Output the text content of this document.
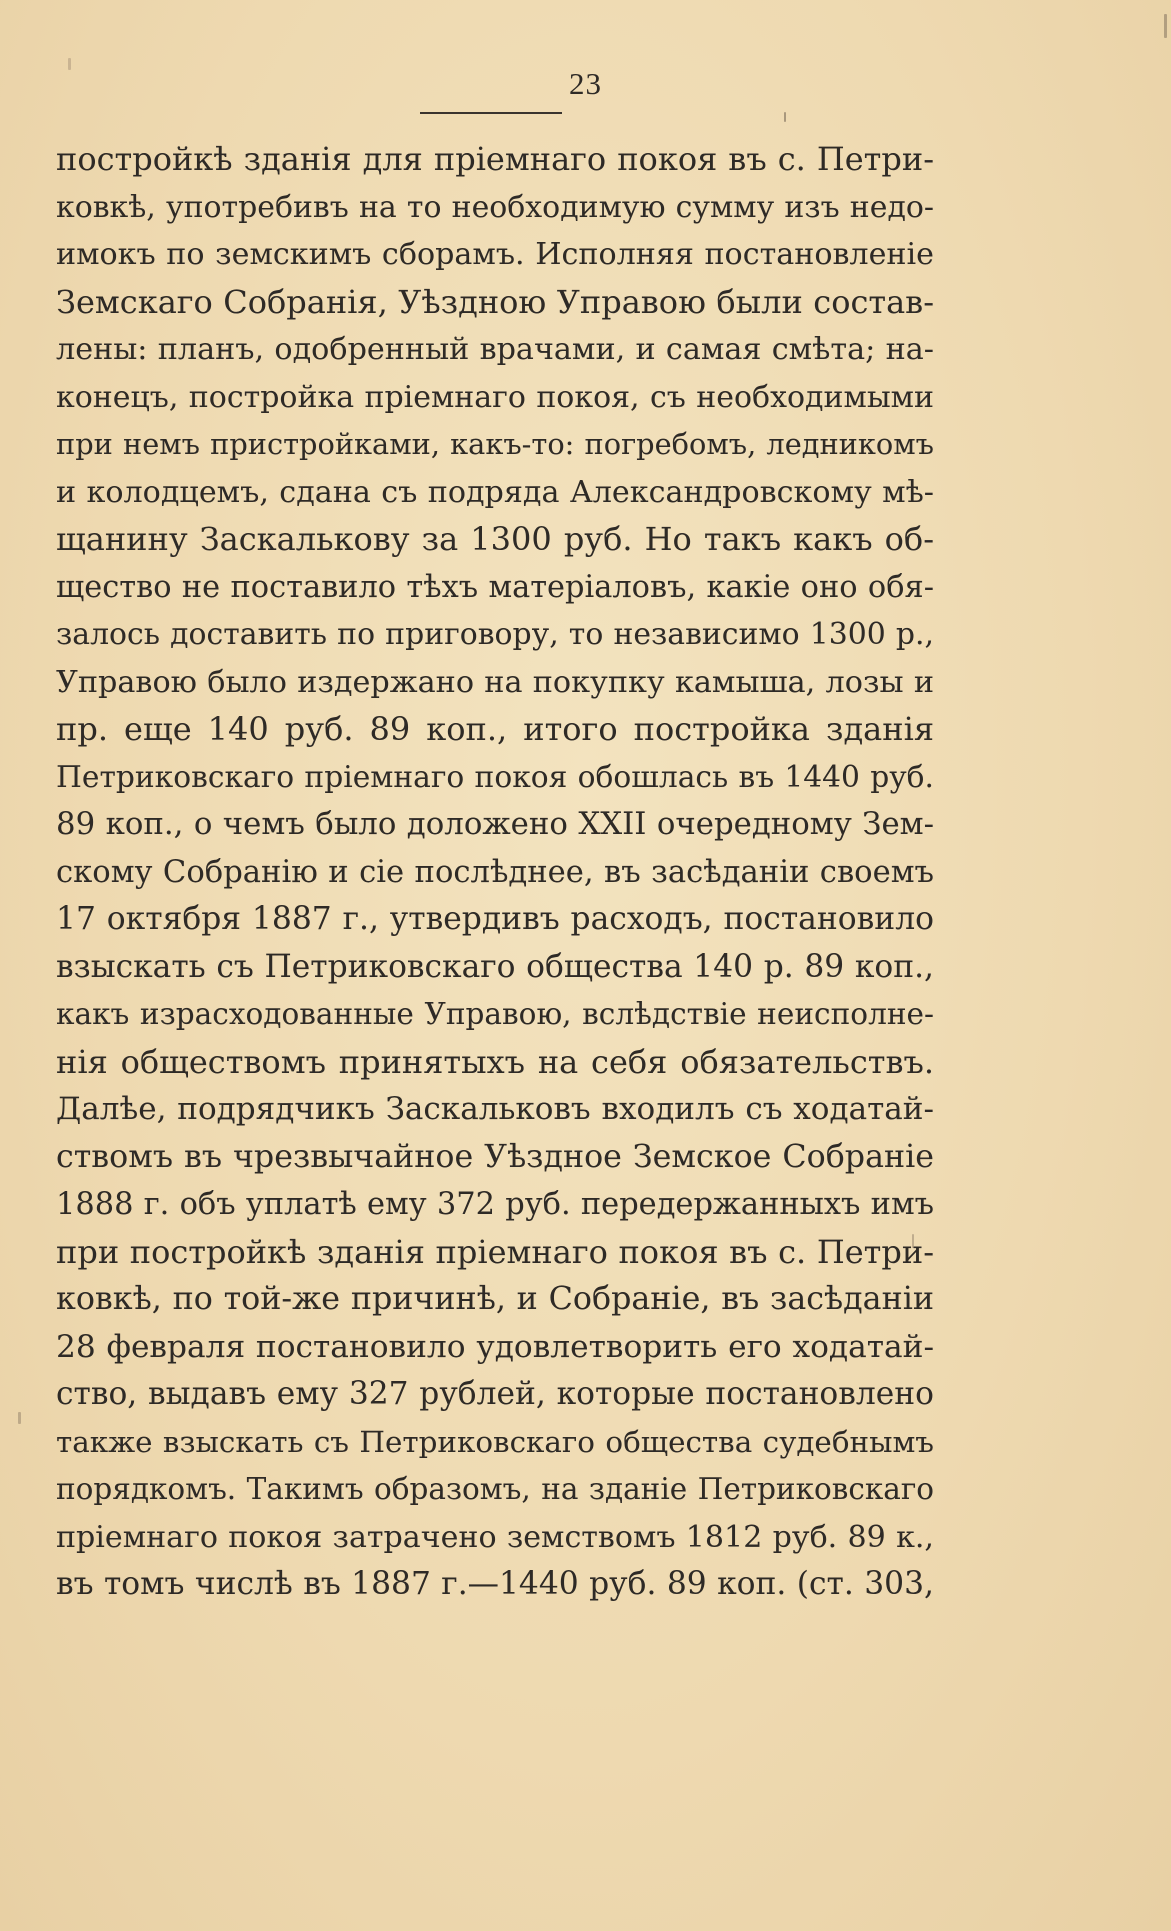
23
постройкѣ зданія для пріемнаго покоя въ с. Петри-
ковкѣ, употребивъ на то необходимую сумму изъ недо-
имокъ по земскимъ сборамъ. Исполняя постановленіе
Земскаго Собранія, Уѣздною Управою были состав-
лены: планъ, одобренный врачами, и самая смѣта; на-
конецъ, постройка пріемнаго покоя, съ необходимыми
при немъ пристройками, какъ-то: погребомъ, ледникомъ
и колодцемъ, сдана съ подряда Александровскому мѣ-
щанину Заскалькову за 1300 руб. Но такъ какъ об-
щество не поставило тѣхъ матеріаловъ, какіе оно обя-
залось доставить по приговору, то независимо 1300 р.,
Управою было издержано на покупку камыша, лозы и
пр. еще 140 руб. 89 коп., итого постройка зданія
Петриковскаго пріемнаго покоя обошлась въ 1440 руб.
89 коп., о чемъ было доложено XXII очередному Зем-
скому Собранію и сіе послѣднее, въ засѣданіи своемъ
17 октября 1887 г., утвердивъ расходъ, постановило
взыскать съ Петриковскаго общества 140 р. 89 коп.,
какъ израсходованные Управою, вслѣдствіе неисполне-
нія обществомъ принятыхъ на себя обязательствъ.
Далѣе, подрядчикъ Заскальковъ входилъ съ ходатай-
ствомъ въ чрезвычайное Уѣздное Земское Собраніе
1888 г. объ уплатѣ ему 372 руб. передержанныхъ имъ
при постройкѣ зданія пріемнаго покоя въ с. Петри-
ковкѣ, по той-же причинѣ, и Собраніе, въ засѣданіи
28 февраля постановило удовлетворить его ходатай-
ство, выдавъ ему 327 рублей, которые постановлено
также взыскать съ Петриковскаго общества судебнымъ
порядкомъ. Такимъ образомъ, на зданіе Петриковскаго
пріемнаго покоя затрачено земствомъ 1812 руб. 89 к.,
въ томъ числѣ въ 1887 г.—1440 руб. 89 коп. (ст. 303,
